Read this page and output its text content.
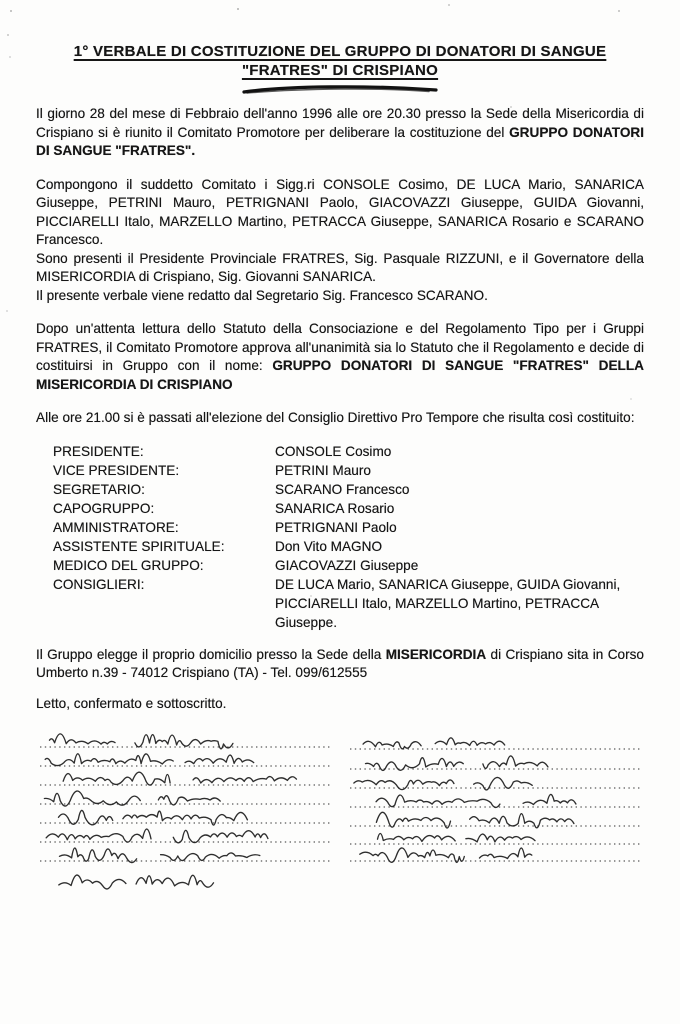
1° VERBALE DI COSTITUZIONE DEL GRUPPO DI DONATORI DI SANGUE
"FRATRES" DI CRISPIANO

Il giorno 28 del mese di Febbraio dell'anno 1996 alle ore 20.30 presso la Sede della Misericordia di Crispiano si è riunito il Comitato Promotore per deliberare la costituzione del GRUPPO DONATORI DI SANGUE "FRATRES".

Compongono il suddetto Comitato i Sigg.ri CONSOLE Cosimo, DE LUCA Mario, SANARICA Giuseppe, PETRINI Mauro, PETRIGNANI Paolo, GIACOVAZZI Giuseppe, GUIDA Giovanni, PICCIARELLI Italo, MARZELLO Martino, PETRACCA Giuseppe, SANARICA Rosario e SCARANO Francesco.

Sono presenti il Presidente Provinciale FRATRES, Sig. Pasquale RIZZUNI, e il Governatore della MISERICORDIA di Crispiano, Sig. Giovanni SANARICA.

Il presente verbale viene redatto dal Segretario Sig. Francesco SCARANO.

Dopo un'attenta lettura dello Statuto della Consociazione e del Regolamento Tipo per i Gruppi FRATRES, il Comitato Promotore approva all'unanimità sia lo Statuto che il Regolamento e decide di costituirsi in Gruppo con il nome: GRUPPO DONATORI DI SANGUE "FRATRES" DELLA MISERICORDIA DI CRISPIANO

Alle ore 21.00 si è passati all'elezione del Consiglio Direttivo Pro Tempore che risulta così costituito:

PRESIDENTE:	CONSOLE Cosimo
VICE PRESIDENTE:	PETRINI Mauro
SEGRETARIO:	SCARANO Francesco
CAPOGRUPPO:	SANARICA Rosario
AMMINISTRATORE:	PETRIGNANI Paolo
ASSISTENTE SPIRITUALE:	Don Vito MAGNO
MEDICO DEL GRUPPO:	GIACOVAZZI Giuseppe
CONSIGLIERI:	DE LUCA Mario, SANARICA Giuseppe, GUIDA Giovanni, PICCIARELLI Italo, MARZELLO Martino, PETRACCA Giuseppe.

Il Gruppo elegge il proprio domicilio presso la Sede della MISERICORDIA di Crispiano sita in Corso Umberto n.39 - 74012 Crispiano (TA) - Tel. 099/612555

Letto, confermato e sottoscritto.
